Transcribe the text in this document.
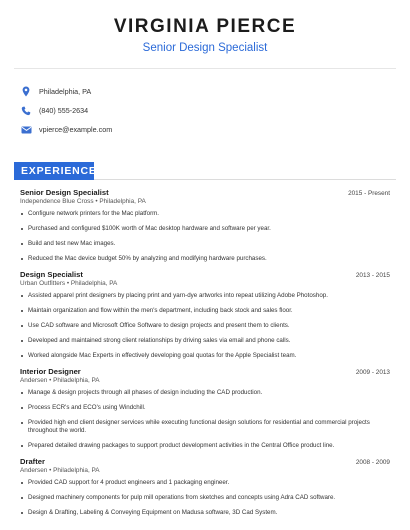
VIRGINIA PIERCE
Senior Design Specialist
Philadelphia, PA
(840) 555-2634
vpierce@example.com
EXPERIENCE
Senior Design Specialist	2015 - Present
Independence Blue Cross • Philadelphia, PA
Configure network printers for the Mac platform.
Purchased and configured $100K worth of Mac desktop hardware and software per year.
Build and test new Mac images.
Reduced the Mac device budget 50% by analyzing and modifying hardware purchases.
Design Specialist	2013 - 2015
Urban Outfitters • Philadelphia, PA
Assisted apparel print designers by placing print and yarn-dye artworks into repeat utilizing Adobe Photoshop.
Maintain organization and flow within the men's department, including back stock and sales floor.
Use CAD software and Microsoft Office Software to design projects and present them to clients.
Developed and maintained strong client relationships by driving sales via email and phone calls.
Worked alongside Mac Experts in effectively developing goal quotas for the Apple Specialist team.
Interior Designer	2009 - 2013
Andersen • Philadelphia, PA
Manage & design projects through all phases of design including the CAD production.
Process ECR's and ECO's using Windchill.
Provided high end client designer services while executing functional design solutions for residential and commercial projects throughout the world.
Prepared detailed drawing packages to support product development activities in the Central Office product line.
Drafter	2008 - 2009
Andersen • Philadelphia, PA
Provided CAD support for 4 product engineers and 1 packaging engineer.
Designed machinery components for pulp mill operations from sketches and concepts using Adra CAD software.
Design & Drafting, Labeling & Conveying Equipment on Madusa software, 3D Cad System.
